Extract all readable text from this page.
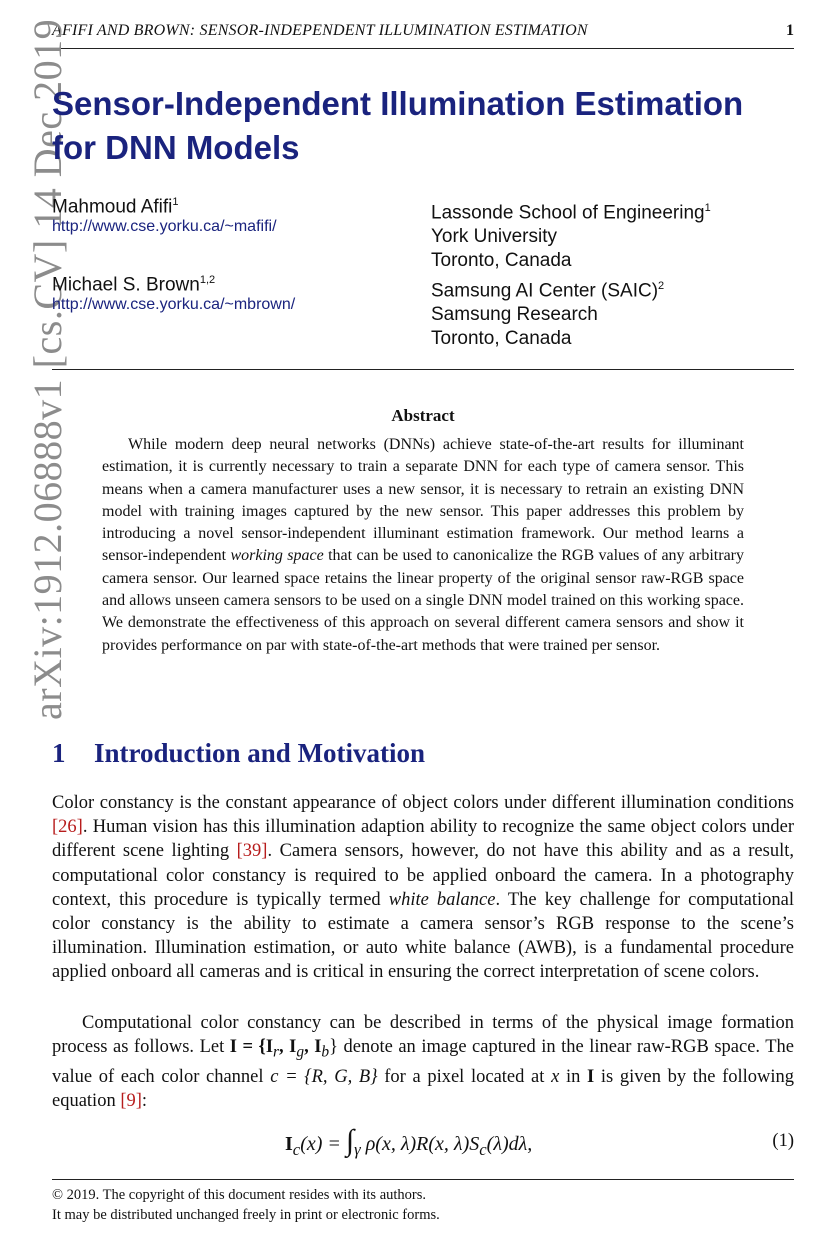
AFIFI AND BROWN: SENSOR-INDEPENDENT ILLUMINATION ESTIMATION	1
arXiv:1912.06888v1 [cs.CV] 14 Dec 2019
Sensor-Independent Illumination Estimation
for DNN Models
Mahmoud Afifi$^1$
http://www.cse.yorku.ca/~mafifi/
Michael S. Brown$^{1,2}$
http://www.cse.yorku.ca/~mbrown/
Lassonde School of Engineering$^1$
York University
Toronto, Canada
Samsung AI Center (SAIC)$^2$
Samsung Research
Toronto, Canada
Abstract
While modern deep neural networks (DNNs) achieve state-of-the-art results for illuminant estimation, it is currently necessary to train a separate DNN for each type of camera sensor. This means when a camera manufacturer uses a new sensor, it is necessary to retrain an existing DNN model with training images captured by the new sensor. This paper addresses this problem by introducing a novel sensor-independent illuminant estimation framework. Our method learns a sensor-independent working space that can be used to canonicalize the RGB values of any arbitrary camera sensor. Our learned space retains the linear property of the original sensor raw-RGB space and allows unseen camera sensors to be used on a single DNN model trained on this working space. We demonstrate the effectiveness of this approach on several different camera sensors and show it provides performance on par with state-of-the-art methods that were trained per sensor.
1 Introduction and Motivation
Color constancy is the constant appearance of object colors under different illumination conditions [26]. Human vision has this illumination adaption ability to recognize the same object colors under different scene lighting [39]. Camera sensors, however, do not have this ability and as a result, computational color constancy is required to be applied onboard the camera. In a photography context, this procedure is typically termed white balance. The key challenge for computational color constancy is the ability to estimate a camera sensor’s RGB response to the scene’s illumination. Illumination estimation, or auto white balance (AWB), is a fundamental procedure applied onboard all cameras and is critical in ensuring the correct interpretation of scene colors.
Computational color constancy can be described in terms of the physical image formation process as follows. Let $I = \{I_r$, $I_g$, $I_b$} denote an image captured in the linear raw-RGB space. The value of each color channel c = {R, G, B} for a pixel located at x in I is given by the following equation [9]:
$I_c(x) = \int_\gamma$ ρ(x, λ)R(x, $\lambda)S_c(\lambda)d\lambda$,	(1)
© 2019. The copyright of this document resides with its authors.
It may be distributed unchanged freely in print or electronic forms.
